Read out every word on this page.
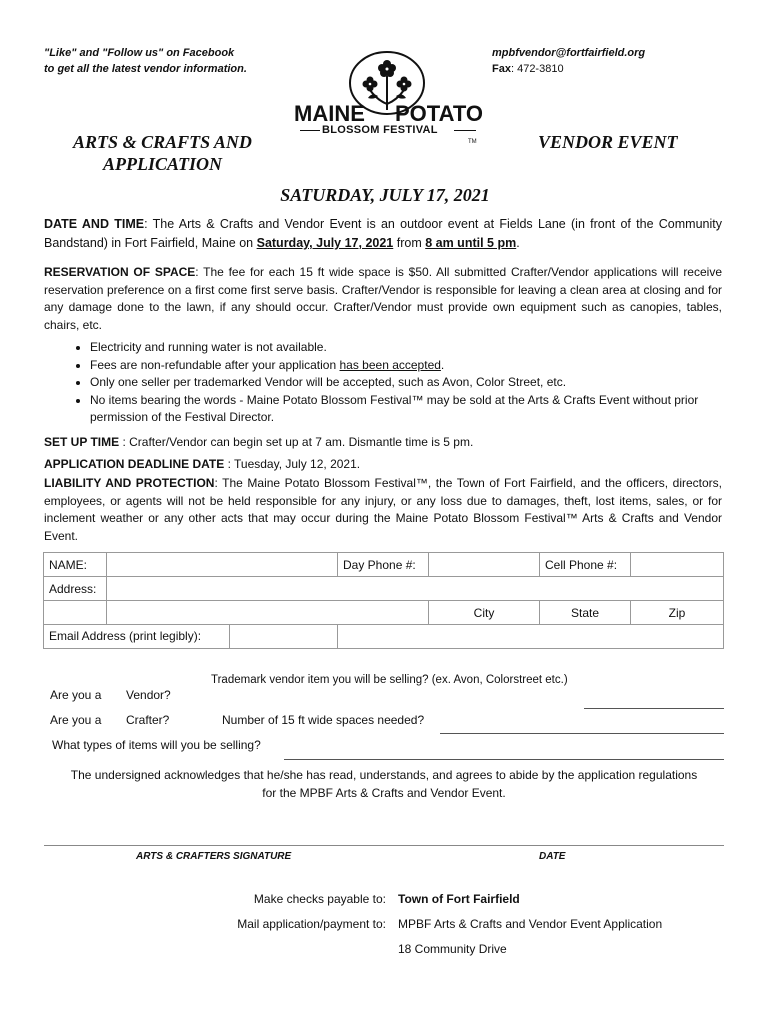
"Like" and "Follow us" on Facebook
to get all the latest vendor information.
mpbfvendor@fortfairfield.org
Fax: 472-3810
MAINE POTATO
BLOSSOM FESTIVAL
TM
ARTS & CRAFTS AND
APPLICATION
VENDOR EVENT
SATURDAY, JULY 17, 2021
DATE AND TIME: The Arts & Crafts and Vendor Event is an outdoor event at Fields Lane (in front of the Community Bandstand) in Fort Fairfield, Maine on Saturday, July 17, 2021 from 8 am until 5 pm.
RESERVATION OF SPACE: The fee for each 15 ft wide space is $50. All submitted Crafter/Vendor applications will receive reservation preference on a first come first serve basis. Crafter/Vendor is responsible for leaving a clean area at closing and for any damage done to the lawn, if any should occur. Crafter/Vendor must provide own equipment such as canopies, tables, chairs, etc.
• Electricity and running water is not available.
• Fees are non-refundable after your application has been accepted.
• Only one seller per trademarked Vendor will be accepted, such as Avon, Color Street, etc.
• No items bearing the words - Maine Potato Blossom Festival™ may be sold at the Arts & Crafts Event without prior permission of the Festival Director.
SET UP TIME : Crafter/Vendor can begin set up at 7 am. Dismantle time is 5 pm.
APPLICATION DEADLINE DATE : Tuesday, July 12, 2021.
LIABILITY AND PROTECTION: The Maine Potato Blossom Festival™, the Town of Fort Fairfield, and the officers, directors, employees, or agents will not be held responsible for any injury, or any loss due to damages, theft, lost items, sales, or for inclement weather or any other acts that may occur during the Maine Potato Blossom Festival™ Arts & Crafts and Vendor Event.
NAME:		Day Phone #:		Cell Phone #:	
Address:					
			City	State	Zip

Email Address (print legibly):					

Are you a Vendor?
Trademark vendor item you will be selling? (ex. Avon, Colorstreet etc.)
Are you a Crafter?	Number of 15 ft wide spaces needed?
What types of items will you be selling?
The undersigned acknowledges that he/she has read, understands, and agrees to abide by the application regulations
for the MPBF Arts & Crafts and Vendor Event.
ARTS & CRAFTERS SIGNATURE	DATE
Make checks payable to: Town of Fort Fairfield
Mail application/payment to: MPBF Arts & Crafts and Vendor Event Application
18 Community Drive
